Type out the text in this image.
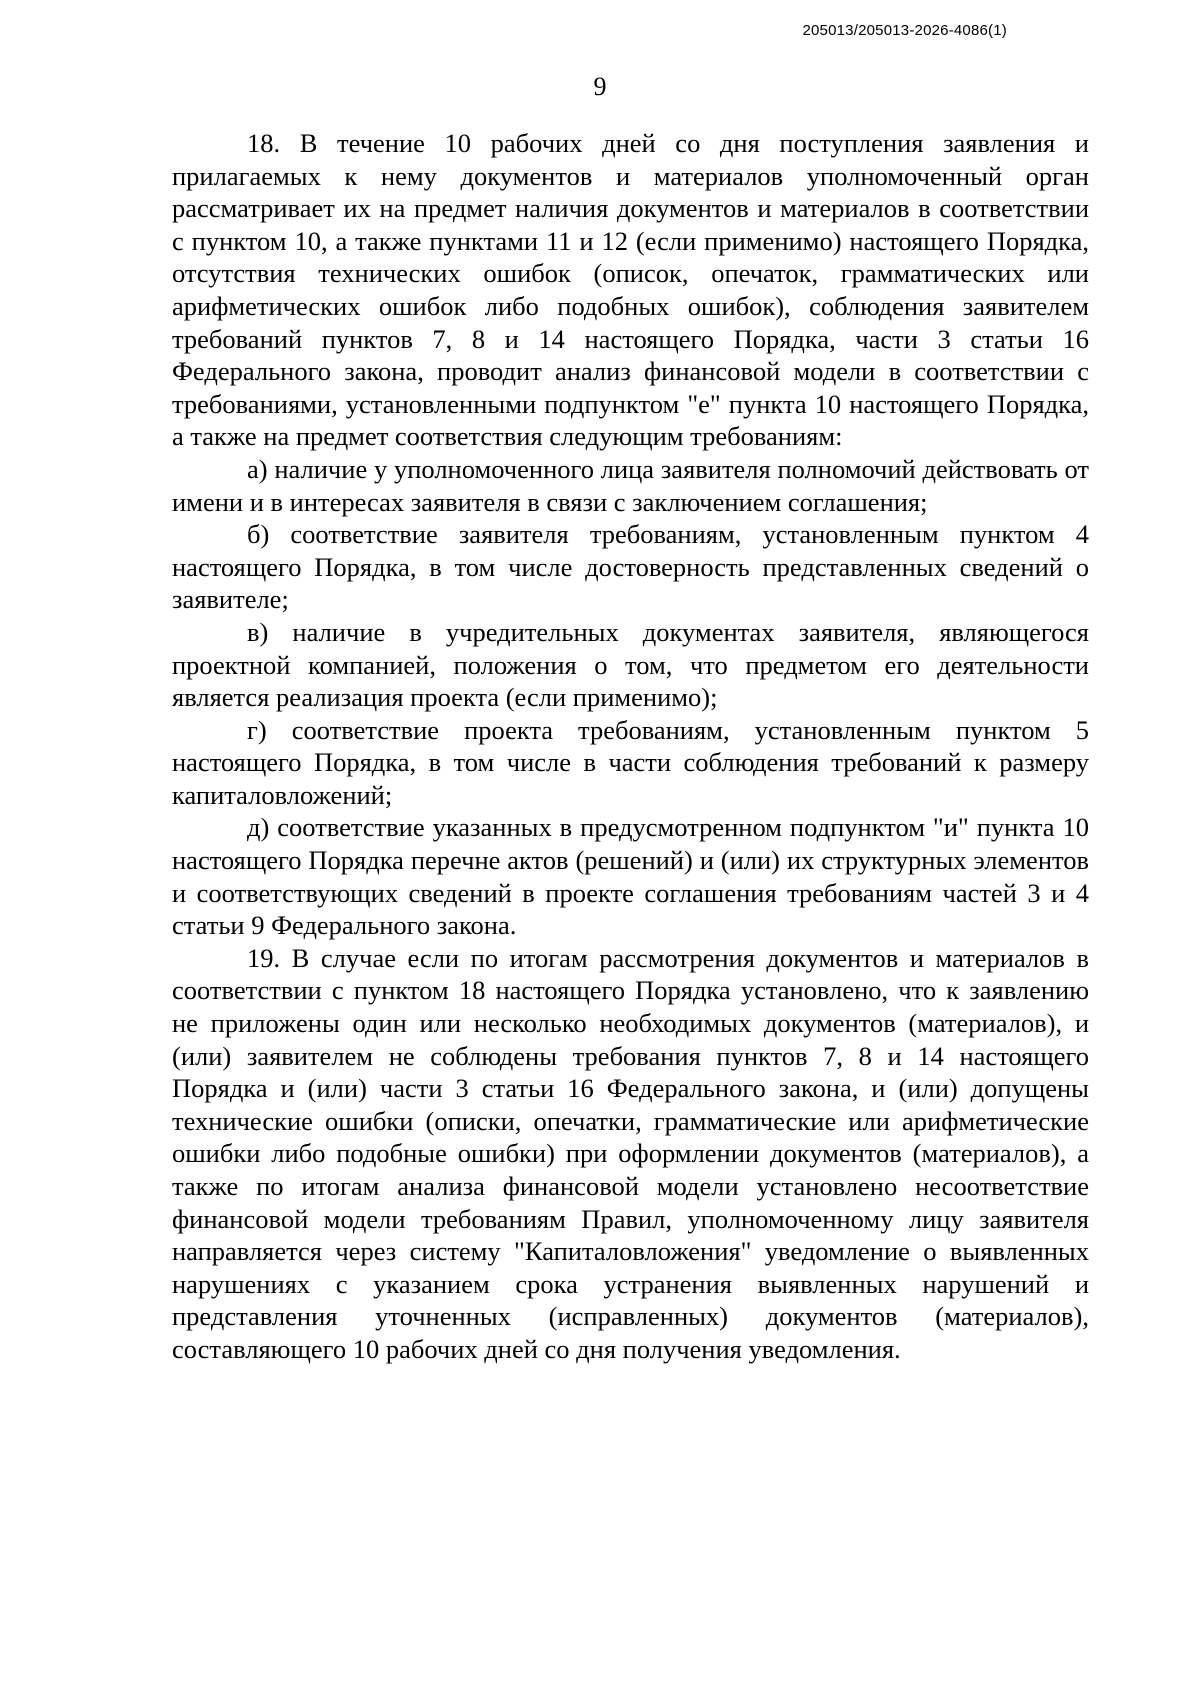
205013/205013-2026-4086(1)
9

18. В течение 10 рабочих дней со дня поступления заявления и прилагаемых к нему документов и материалов уполномоченный орган рассматривает их на предмет наличия документов и материалов в соответствии с пунктом 10, а также пунктами 11 и 12 (если применимо) настоящего Порядка, отсутствия технических ошибок (описок, опечаток, грамматических или арифметических ошибок либо подобных ошибок), соблюдения заявителем требований пунктов 7, 8 и 14 настоящего Порядка, части 3 статьи 16 Федерального закона, проводит анализ финансовой модели в соответствии с требованиями, установленными подпунктом "е" пункта 10 настоящего Порядка, а также на предмет соответствия следующим требованиям:

а) наличие у уполномоченного лица заявителя полномочий действовать от имени и в интересах заявителя в связи с заключением соглашения;

б) соответствие заявителя требованиям, установленным пунктом 4 настоящего Порядка, в том числе достоверность представленных сведений о заявителе;

в) наличие в учредительных документах заявителя, являющегося проектной компанией, положения о том, что предметом его деятельности является реализация проекта (если применимо);

г) соответствие проекта требованиям, установленным пунктом 5 настоящего Порядка, в том числе в части соблюдения требований к размеру капиталовложений;

д) соответствие указанных в предусмотренном подпунктом "и" пункта 10 настоящего Порядка перечне актов (решений) и (или) их структурных элементов и соответствующих сведений в проекте соглашения требованиям частей 3 и 4 статьи 9 Федерального закона.

19. В случае если по итогам рассмотрения документов и материалов в соответствии с пунктом 18 настоящего Порядка установлено, что к заявлению не приложены один или несколько необходимых документов (материалов), и (или) заявителем не соблюдены требования пунктов 7, 8 и 14 настоящего Порядка и (или) части 3 статьи 16 Федерального закона, и (или) допущены технические ошибки (описки, опечатки, грамматические или арифметические ошибки либо подобные ошибки) при оформлении документов (материалов), а также по итогам анализа финансовой модели установлено несоответствие финансовой модели требованиям Правил, уполномоченному лицу заявителя направляется через систему "Капиталовложения" уведомление о выявленных нарушениях с указанием срока устранения выявленных нарушений и представления уточненных (исправленных) документов (материалов), составляющего 10 рабочих дней со дня получения уведомления.
